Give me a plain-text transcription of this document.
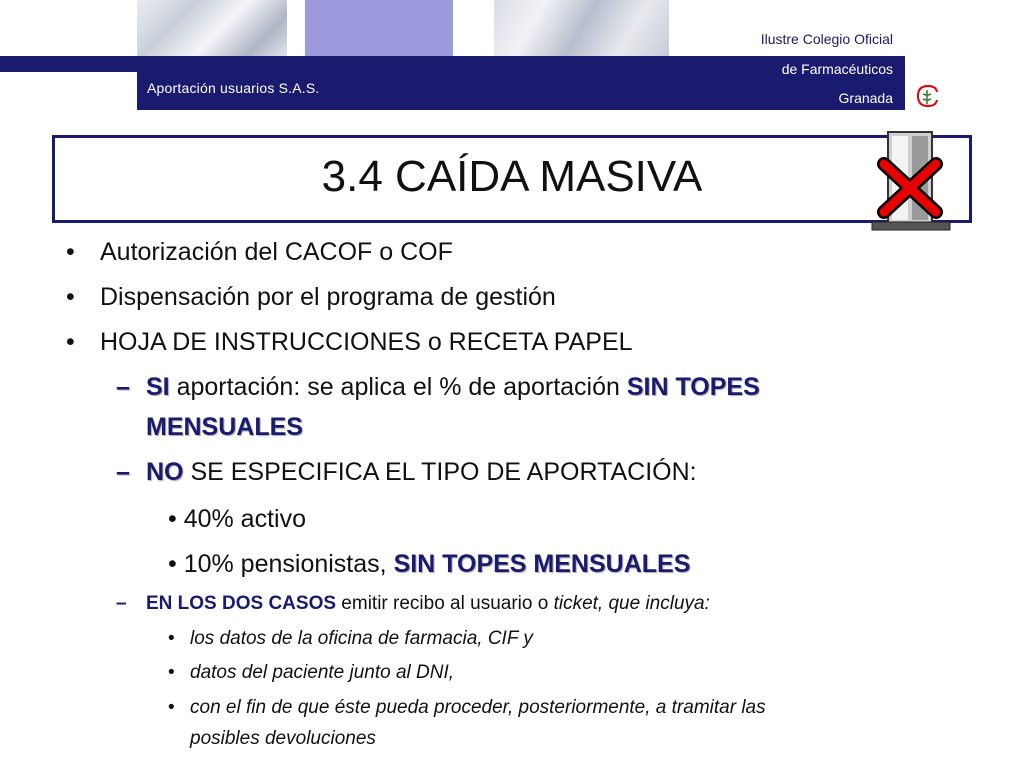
Aportación usuarios S.A.S.
Ilustre Colegio Oficial
de Farmacéuticos
Granada
3.4 CAÍDA MASIVA
• Autorización del CACOF o COF
• Dispensación por el programa de gestión
• HOJA DE INSTRUCCIONES o RECETA PAPEL
– SI aportación: se aplica el % de aportación SIN TOPES
MENSUALES
– NO SE ESPECIFICA EL TIPO DE APORTACIÓN:
• 40% activo
• 10% pensionistas, SIN TOPES MENSUALES
– EN LOS DOS CASOS emitir recibo al usuario o ticket, que incluya:
• los datos de la oficina de farmacia, CIF y
• datos del paciente junto al DNI,
• con el fin de que éste pueda proceder, posteriormente, a tramitar las
posibles devoluciones
